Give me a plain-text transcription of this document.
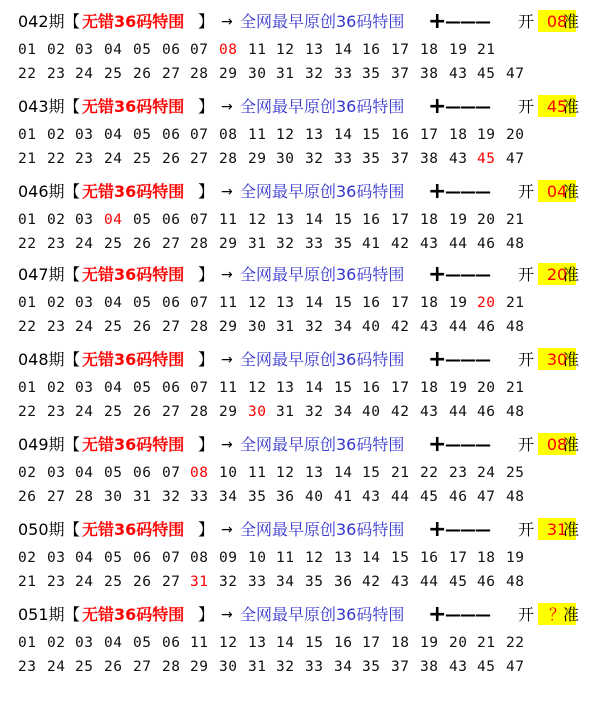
042期 【 无错36码特围 】 → 全网最早原创36码特围 +
——— 开 08
准
01 02 03 04 05 06 07 08 11 12 13 14 16 17 18 19 21
22 23 24 25 26 27 28 29 30 31 32 33 35 37 38 43 45 47
043期 【 无错36码特围 】 → 全网最早原创36码特围 +
——— 开 45
准
01 02 03 04 05 06 07 08 11 12 13 14 15 16 17 18 19 20
21 22 23 24 25 26 27 28 29 30 32 33 35 37 38 43 45 47
046期 【 无错36码特围 】 → 全网最早原创36码特围 +
——— 开 04
准
01 02 03 04 05 06 07 11 12 13 14 15 16 17 18 19 20 21
22 23 24 25 26 27 28 29 31 32 33 35 41 42 43 44 46 48
047期 【 无错36码特围 】 → 全网最早原创36码特围 +
——— 开 20
准
01 02 03 04 05 06 07 11 12 13 14 15 16 17 18 19 20 21
22 23 24 25 26 27 28 29 30 31 32 34 40 42 43 44 46 48
048期 【 无错36码特围 】 → 全网最早原创36码特围 +
——— 开 30
准
01 02 03 04 05 06 07 11 12 13 14 15 16 17 18 19 20 21
22 23 24 25 26 27 28 29 30 31 32 34 40 42 43 44 46 48
049期 【 无错36码特围 】 → 全网最早原创36码特围 +
——— 开 08
准
02 03 04 05 06 07 08 10 11 12 13 14 15 21 22 23 24 25
26 27 28 30 31 32 33 34 35 36 40 41 43 44 45 46 47 48
050期 【 无错36码特围 】 → 全网最早原创36码特围 +
——— 开 31
准
02 03 04 05 06 07 08 09 10 11 12 13 14 15 16 17 18 19
21 23 24 25 26 27 31 32 33 34 35 36 42 43 44 45 46 48
051期 【 无错36码特围 】 → 全网最早原创36码特围 +
——— 开 ？
准
01 02 03 04 05 06 11 12 13 14 15 16 17 18 19 20 21 22
23 24 25 26 27 28 29 30 31 32 33 34 35 37 38 43 45 47
